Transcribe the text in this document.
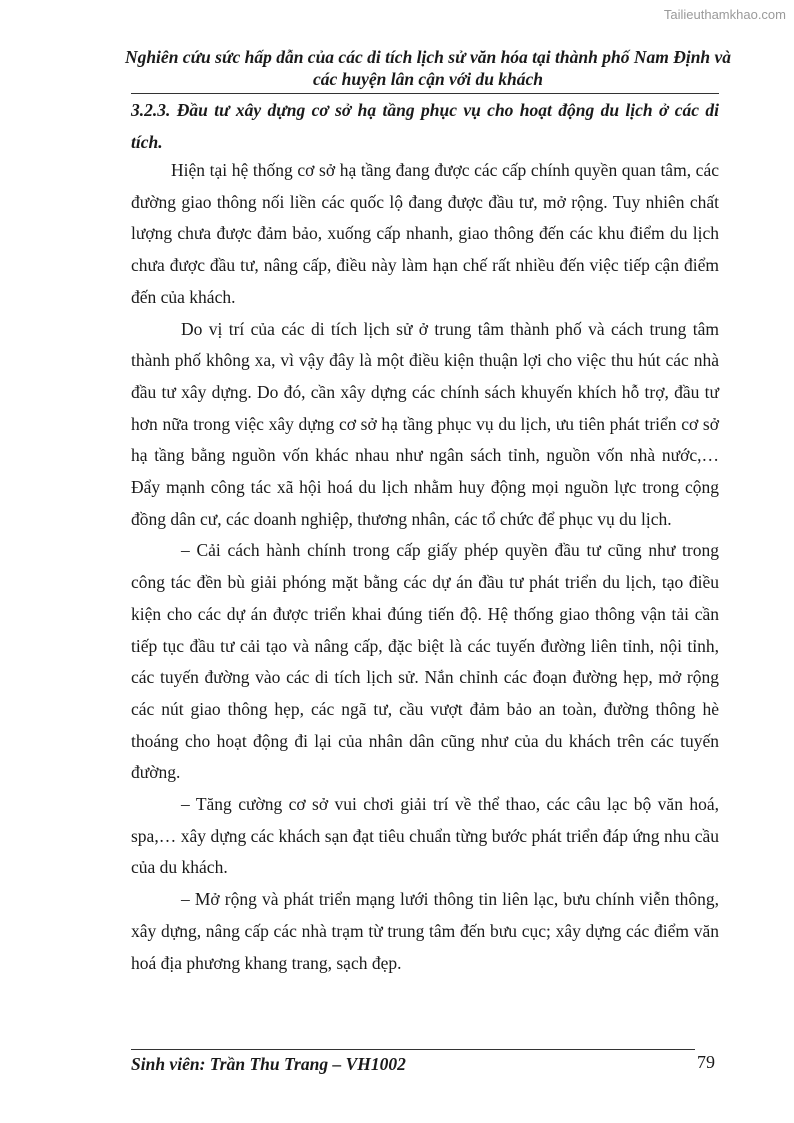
Tailieuthamkhao.com
Nghiên cứu sức hấp dẫn của các di tích lịch sử văn hóa tại thành phố Nam Định và các huyện lân cận với du khách
3.2.3. Đầu tư xây dựng cơ sở hạ tầng phục vụ cho hoạt động du lịch ở các di tích.

Hiện tại hệ thống cơ sở hạ tầng đang được các cấp chính quyền quan tâm, các đường giao thông nối liền các quốc lộ đang được đầu tư, mở rộng. Tuy nhiên chất lượng chưa được đảm bảo, xuống cấp nhanh, giao thông đến các khu điểm du lịch chưa được đầu tư, nâng cấp, điều này làm hạn chế rất nhiều đến việc tiếp cận điểm đến của khách.

Do vị trí của các di tích lịch sử ở trung tâm thành phố và cách trung tâm thành phố không xa, vì vậy đây là một điều kiện thuận lợi cho việc thu hút các nhà đầu tư xây dựng. Do đó, cần xây dựng các chính sách khuyến khích hỗ trợ, đầu tư hơn nữa trong việc xây dựng cơ sở hạ tầng phục vụ du lịch, ưu tiên phát triển cơ sở hạ tầng bằng nguồn vốn khác nhau như ngân sách tỉnh, nguồn vốn nhà nước,… Đẩy mạnh công tác xã hội hoá du lịch nhằm huy động mọi nguồn lực trong cộng đồng dân cư, các doanh nghiệp, thương nhân, các tổ chức để phục vụ du lịch.

– Cải cách hành chính trong cấp giấy phép quyền đầu tư cũng như trong công tác đền bù giải phóng mặt bằng các dự án đầu tư phát triển du lịch, tạo điều kiện cho các dự án được triển khai đúng tiến độ. Hệ thống giao thông vận tải cần tiếp tục đầu tư cải tạo và nâng cấp, đặc biệt là các tuyến đường liên tỉnh, nội tỉnh, các tuyến đường vào các di tích lịch sử. Nắn chỉnh các đoạn đường hẹp, mở rộng các nút giao thông hẹp, các ngã tư, cầu vượt đảm bảo an toàn, đường thông hè thoáng cho hoạt động đi lại của nhân dân cũng như của du khách trên các tuyến đường.

– Tăng cường cơ sở vui chơi giải trí về thể thao, các câu lạc bộ văn hoá, spa,… xây dựng các khách sạn đạt tiêu chuẩn từng bước phát triển đáp ứng nhu cầu của du khách.

– Mở rộng và phát triển mạng lưới thông tin liên lạc, bưu chính viễn thông, xây dựng, nâng cấp các nhà trạm từ trung tâm đến bưu cục; xây dựng các điểm văn hoá địa phương khang trang, sạch đẹp.

Sinh viên: Trần Thu Trang – VH1002	79
